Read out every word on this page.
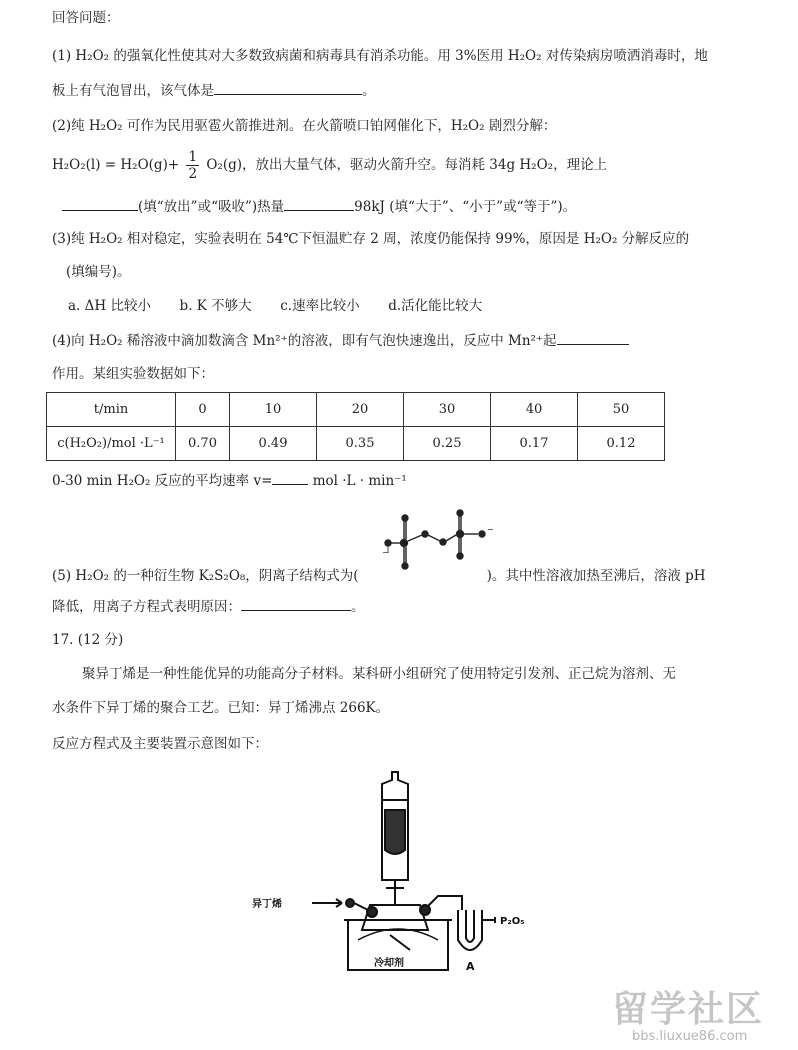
回答问题：
(1) H₂O₂ 的强氧化性使其对大多数致病菌和病毒具有消杀功能。用 3%医用 H₂O₂ 对传染病房喷洒消毒时，地
板上有气泡冒出，该气体是	。
(2)纯 H₂O₂ 可作为民用驱雹火箭推进剂。在火箭喷口铂网催化下，H₂O₂ 剧烈分解：
$H_2O_2(l) = H_2O(g)+ \frac{1}{2} O_2(g)$，放出大量气体，驱动火箭升空。每消耗 34g H₂O₂，理论上
(填“放出”或“吸收”)热量	98kJ (填“大于”、“小于”或“等于”)。
(3)纯 H₂O₂ 相对稳定，实验表明在 54℃下恒温贮存 2 周，浓度仍能保持 99%，原因是 H₂O₂ 分解反应的
(填编号)。
a. ΔH 比较小 b. K 不够大 c.速率比较小 d.活化能比较大
(4)向 H₂O₂ 稀溶液中滴加数滴含 Mn²⁺的溶液，即有气泡快速逸出，反应中 Mn²⁺起
作用。某组实验数据如下：
t/min	0	10	20	30	40	50
c(H₂O₂)/mol ·L⁻¹	0.70	0.49	0.35	0.25	0.17	0.12
0-30 min H₂O₂ 反应的平均速率 v=	mol ·L · min⁻¹
−
−
(5) H₂O₂ 的一种衍生物 K₂S₂O₈，阴离子结构式为(	)。其中性溶液加热至沸后，溶液 pH
降低，用离子方程式表明原因：	。
17. (12 分)
聚异丁烯是一种性能优异的功能高分子材料。某科研小组研究了使用特定引发剂、正己烷为溶剂、无
水条件下异丁烯的聚合工艺。已知：异丁烯沸点 266K。
反应方程式及主要装置示意图如下：
异丁烯
冷却剂
P₂O₅
A
留学社区
bbs.liuxue86.com
